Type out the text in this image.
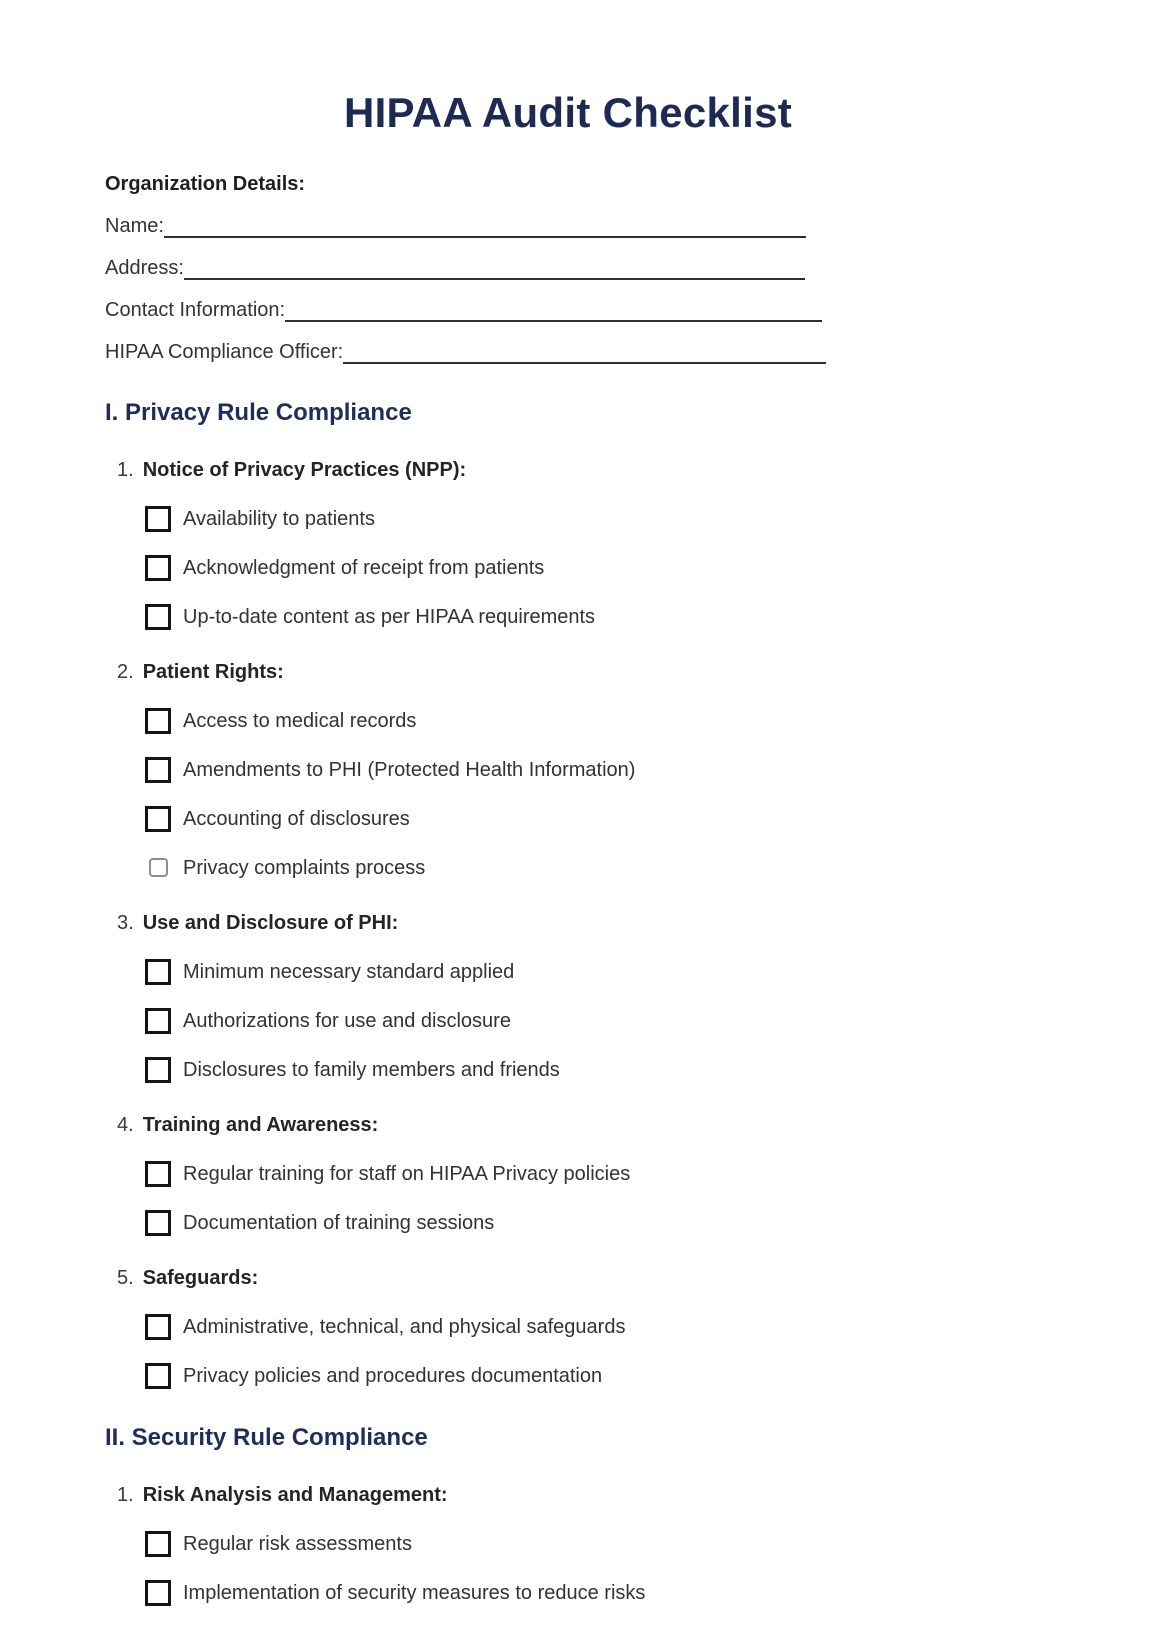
HIPAA Audit Checklist

Organization Details:

Name:
Address:
Contact Information:
HIPAA Compliance Officer:
I. Privacy Rule Compliance
1. Notice of Privacy Practices (NPP):
Availability to patients
Acknowledgment of receipt from patients
Up-to-date content as per HIPAA requirements
2. Patient Rights:
Access to medical records
Amendments to PHI (Protected Health Information)
Accounting of disclosures
Privacy complaints process
3. Use and Disclosure of PHI:
Minimum necessary standard applied
Authorizations for use and disclosure
Disclosures to family members and friends
4. Training and Awareness:
Regular training for staff on HIPAA Privacy policies
Documentation of training sessions
5. Safeguards:
Administrative, technical, and physical safeguards
Privacy policies and procedures documentation
II. Security Rule Compliance
1. Risk Analysis and Management:
Regular risk assessments
Implementation of security measures to reduce risks
